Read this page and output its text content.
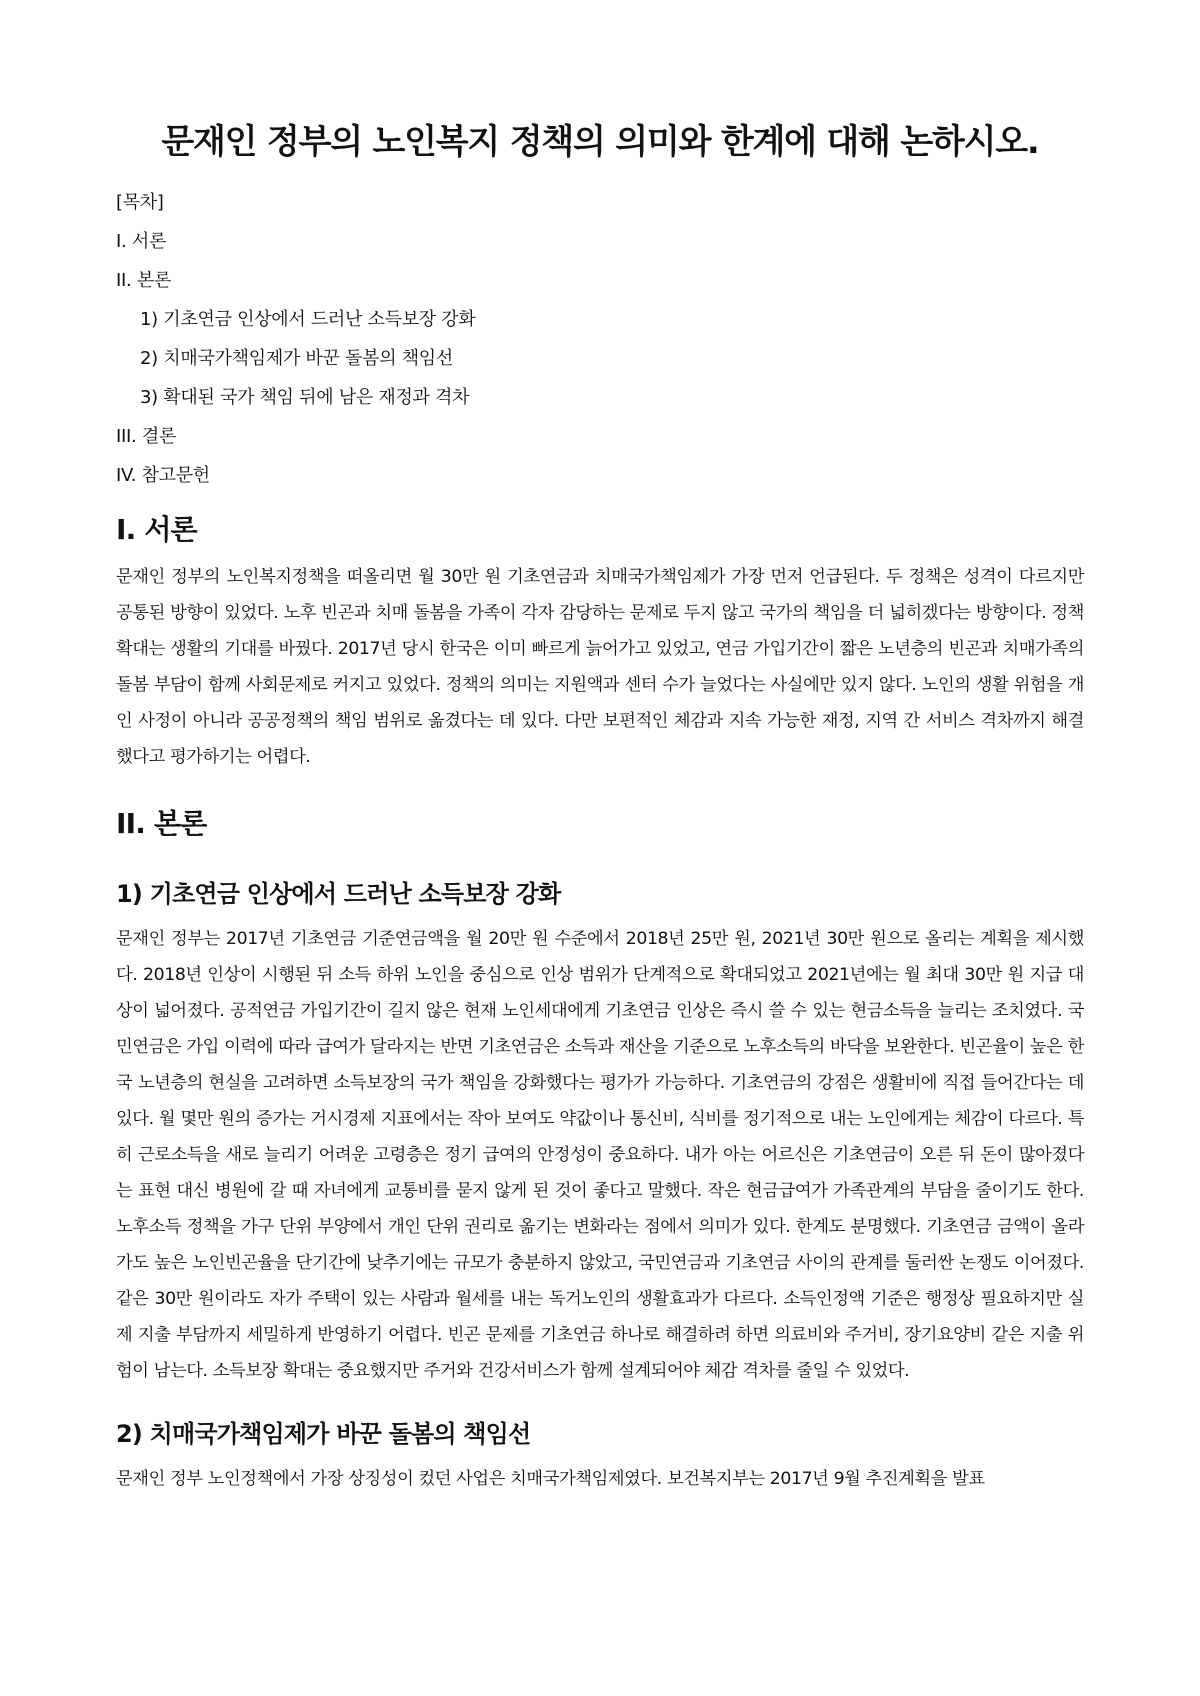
문재인 정부의 노인복지 정책의 의미와 한계에 대해 논하시오.
[목차]
I. 서론
II. 본론
1) 기초연금 인상에서 드러난 소득보장 강화
2) 치매국가책임제가 바꾼 돌봄의 책임선
3) 확대된 국가 책임 뒤에 남은 재정과 격차
III. 결론
IV. 참고문헌
I. 서론

문재인 정부의 노인복지정책을 떠올리면 월 30만 원 기초연금과 치매국가책임제가 가장 먼저 언급된다. 두 정책은 성격이 다르지만 공통된 방향이 있었다. 노후 빈곤과 치매 돌봄을 가족이 각자 감당하는 문제로 두지 않고 국가의 책임을 더 넓히겠다는 방향이다. 정책 확대는 생활의 기대를 바꿨다. 2017년 당시 한국은 이미 빠르게 늙어가고 있었고, 연금 가입기간이 짧은 노년층의 빈곤과 치매가족의 돌봄 부담이 함께 사회문제로 커지고 있었다. 정책의 의미는 지원액과 센터 수가 늘었다는 사실에만 있지 않다. 노인의 생활 위험을 개인 사정이 아니라 공공정책의 책임 범위로 옮겼다는 데 있다. 다만 보편적인 체감과 지속 가능한 재정, 지역 간 서비스 격차까지 해결했다고 평가하기는 어렵다.

II. 본론
1) 기초연금 인상에서 드러난 소득보장 강화

문재인 정부는 2017년 기초연금 기준연금액을 월 20만 원 수준에서 2018년 25만 원, 2021년 30만 원으로 올리는 계획을 제시했다. 2018년 인상이 시행된 뒤 소득 하위 노인을 중심으로 인상 범위가 단계적으로 확대되었고 2021년에는 월 최대 30만 원 지급 대상이 넓어졌다. 공적연금 가입기간이 길지 않은 현재 노인세대에게 기초연금 인상은 즉시 쓸 수 있는 현금소득을 늘리는 조치였다. 국민연금은 가입 이력에 따라 급여가 달라지는 반면 기초연금은 소득과 재산을 기준으로 노후소득의 바닥을 보완한다. 빈곤율이 높은 한국 노년층의 현실을 고려하면 소득보장의 국가 책임을 강화했다는 평가가 가능하다. 기초연금의 강점은 생활비에 직접 들어간다는 데 있다. 월 몇만 원의 증가는 거시경제 지표에서는 작아 보여도 약값이나 통신비, 식비를 정기적으로 내는 노인에게는 체감이 다르다. 특히 근로소득을 새로 늘리기 어려운 고령층은 정기 급여의 안정성이 중요하다. 내가 아는 어르신은 기초연금이 오른 뒤 돈이 많아졌다는 표현 대신 병원에 갈 때 자녀에게 교통비를 묻지 않게 된 것이 좋다고 말했다. 작은 현금급여가 가족관계의 부담을 줄이기도 한다. 노후소득 정책을 가구 단위 부양에서 개인 단위 권리로 옮기는 변화라는 점에서 의미가 있다. 한계도 분명했다. 기초연금 금액이 올라가도 높은 노인빈곤율을 단기간에 낮추기에는 규모가 충분하지 않았고, 국민연금과 기초연금 사이의 관계를 둘러싼 논쟁도 이어졌다. 같은 30만 원이라도 자가 주택이 있는 사람과 월세를 내는 독거노인의 생활효과가 다르다. 소득인정액 기준은 행정상 필요하지만 실제 지출 부담까지 세밀하게 반영하기 어렵다. 빈곤 문제를 기초연금 하나로 해결하려 하면 의료비와 주거비, 장기요양비 같은 지출 위험이 남는다. 소득보장 확대는 중요했지만 주거와 건강서비스가 함께 설계되어야 체감 격차를 줄일 수 있었다.

2) 치매국가책임제가 바꾼 돌봄의 책임선

문재인 정부 노인정책에서 가장 상징성이 컸던 사업은 치매국가책임제였다. 보건복지부는 2017년 9월 추진계획을 발표
